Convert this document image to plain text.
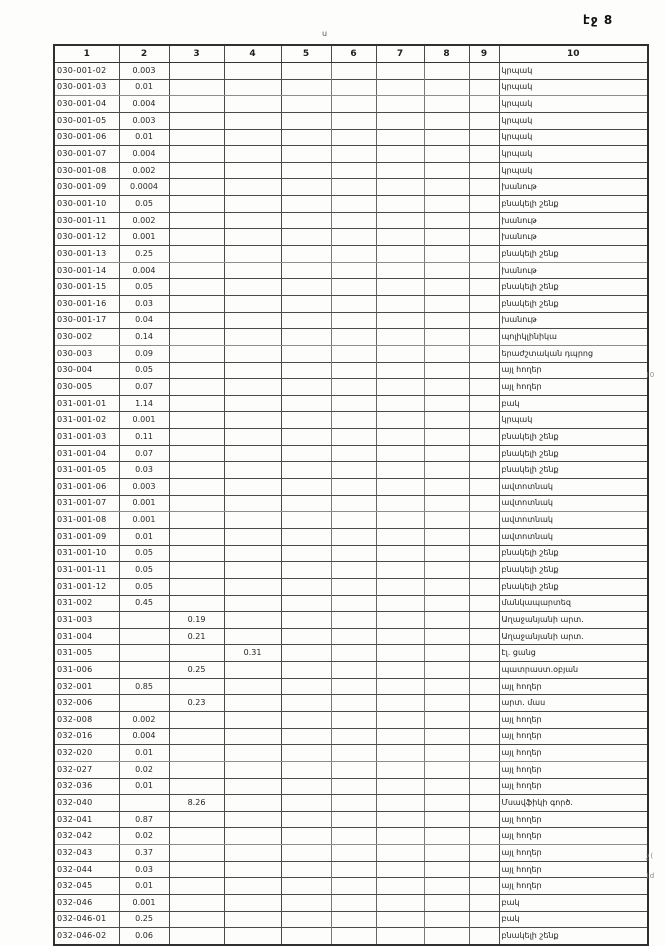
էջ 8
ս
1	2	3	4	5	6	7	8	9	10
030-001-02	0.003								կրպակ
030-001-03	0.01								կրպակ
030-001-04	0.004								կրպակ
030-001-05	0.003								կրպակ
030-001-06	0.01								կրպակ
030-001-07	0.004								կրպակ
030-001-08	0.002								կրպակ
030-001-09	0.0004								խանութ
030-001-10	0.05								բնակելի շենք
030-001-11	0.002								խանութ
030-001-12	0.001								խանութ
030-001-13	0.25								բնակելի շենք
030-001-14	0.004								խանութ
030-001-15	0.05								բնակելի շենք
030-001-16	0.03								բնակելի շենք
030-001-17	0.04								խանութ
030-002	0.14								պոլիկլինիկա
030-003	0.09								երաժշտական դպրոց
030-004	0.05								այլ հողեր
030-005	0.07								այլ հողեր
031-001-01	1.14								բակ
031-001-02	0.001								կրպակ
031-001-03	0.11								բնակելի շենք
031-001-04	0.07								բնակելի շենք
031-001-05	0.03								բնակելի շենք
031-001-06	0.003								ավտոտնակ
031-001-07	0.001								ավտոտնակ
031-001-08	0.001								ավտոտնակ
031-001-09	0.01								ավտոտնակ
031-001-10	0.05								բնակելի շենք
031-001-11	0.05								բնակելի շենք
031-001-12	0.05								բնակելի շենք
031-002	0.45								մանկապարտեզ
031-003		0.19							Աղաջանյանի արտ.
031-004		0.21							Աղաջանյանի արտ.
031-005			0.31						էլ. ցանց
031-006		0.25							պատրաստ.օբյան
032-001	0.85								այլ հողեր
032-006		0.23							արտ. մաս
032-008	0.002								այլ հողեր
032-016	0.004								այլ հողեր
032-020	0.01								այլ հողեր
032-027	0.02								այլ հողեր
032-036	0.01								այլ հողեր
032-040		8.26							Մսավֆիկի գործ.
032-041	0.87								այլ հողեր
032-042	0.02								այլ հողեր
032-043	0.37								այլ հողեր
032-044	0.03								այլ հողեր
032-045	0.01								այլ հողեր
032-046	0.001								բակ
032-046-01	0.25								բակ
032-046-02	0.06								բնակելի շենք
)0
շ(
)d
